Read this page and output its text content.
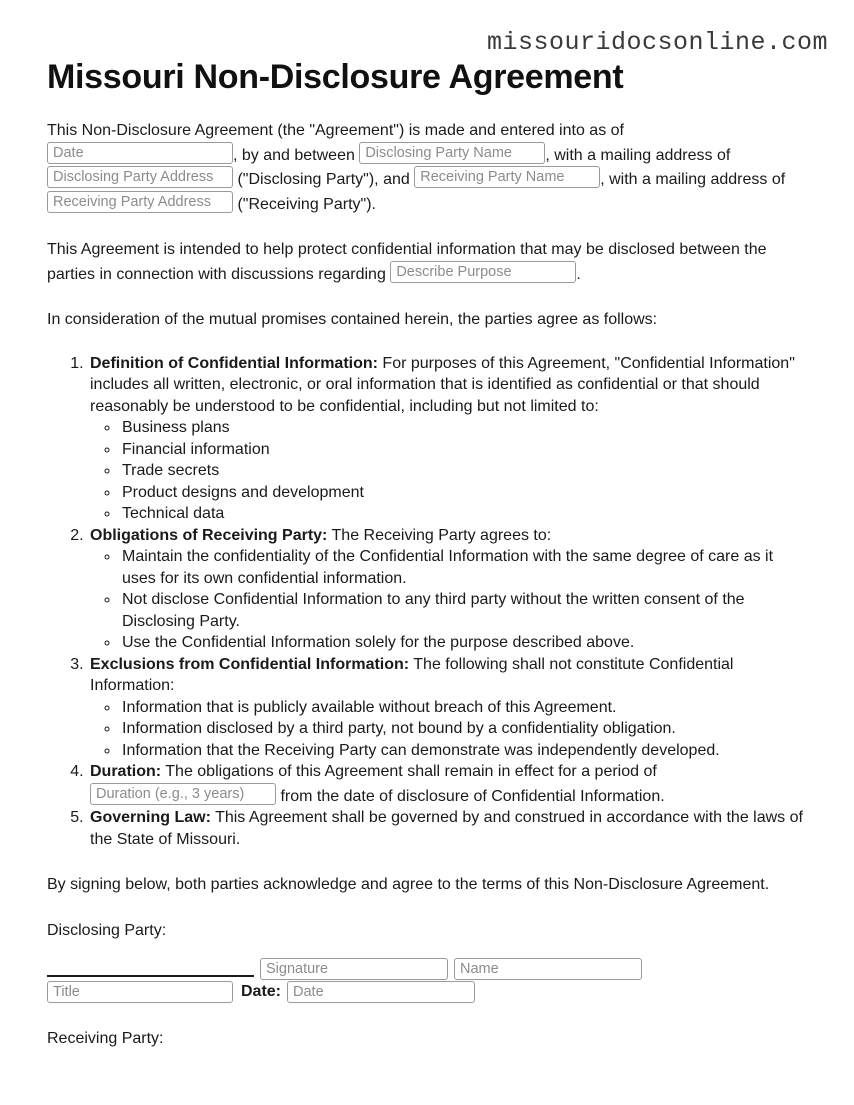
missouridocsonline.com
Missouri Non-Disclosure Agreement

This Non-Disclosure Agreement (the "Agreement") is made and entered into as of Date	, by and between Disclosing Party Name , with a mailing address of Disclosing Party Address ("Disclosing Party"), and Receiving Party Name , with a mailing address of Receiving Party Address ("Receiving Party").

This Agreement is intended to help protect confidential information that may be disclosed between the parties in connection with discussions regarding Describe Purpose	.

In consideration of the mutual promises contained herein, the parties agree as follows:

1. Definition of Confidential Information: For purposes of this Agreement, "Confidential Information" includes all written, electronic, or oral information that is identified as confidential or that should reasonably be understood to be confidential, including but not limited to:
◦ Business plans
◦ Financial information
◦ Trade secrets
◦ Product designs and development
◦ Technical data
2. Obligations of Receiving Party: The Receiving Party agrees to:
◦ Maintain the confidentiality of the Confidential Information with the same degree of care as it uses for its own confidential information.
◦ Not disclose Confidential Information to any third party without the written consent of the Disclosing Party.
◦ Use the Confidential Information solely for the purpose described above.
3. Exclusions from Confidential Information: The following shall not constitute Confidential Information:
◦ Information that is publicly available without breach of this Agreement.
◦ Information disclosed by a third party, not bound by a confidentiality obligation.
◦ Information that the Receiving Party can demonstrate was independently developed.
4. Duration: The obligations of this Agreement shall remain in effect for a period of Duration (e.g., 3 years) from the date of disclosure of Confidential Information.
5. Governing Law: This Agreement shall be governed by and construed in accordance with the laws of the State of Missouri.

By signing below, both parties acknowledge and agree to the terms of this Non-Disclosure Agreement.

Disclosing Party:
Signature	Name
Title	Date: Date
Receiving Party:
